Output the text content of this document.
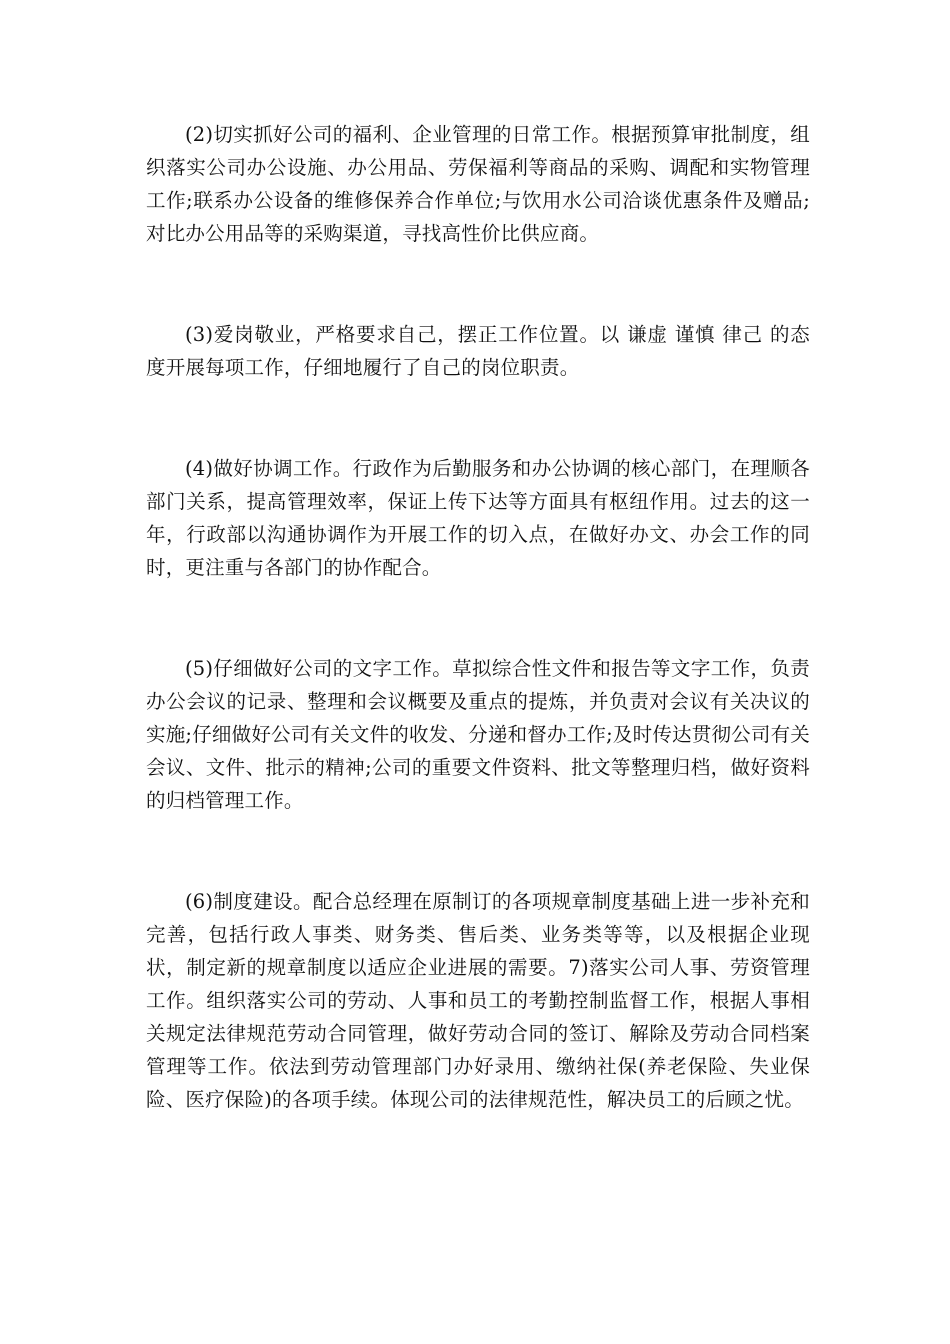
(2)切实抓好公司的福利、企业管理的日常工作。根据预算审批制度，组织落实公司办公设施、办公用品、劳保福利等商品的采购、调配和实物管理工作;联系办公设备的维修保养合作单位;与饮用水公司洽谈优惠条件及赠品;对比办公用品等的采购渠道，寻找高性价比供应商。

(3)爱岗敬业，严格要求自己，摆正工作位置。以 谦虚 谨慎 律己 的态度开展每项工作，仔细地履行了自己的岗位职责。

(4)做好协调工作。行政作为后勤服务和办公协调的核心部门，在理顺各部门关系，提高管理效率，保证上传下达等方面具有枢纽作用。过去的这一年，行政部以沟通协调作为开展工作的切入点，在做好办文、办会工作的同时，更注重与各部门的协作配合。

(5)仔细做好公司的文字工作。草拟综合性文件和报告等文字工作，负责办公会议的记录、整理和会议概要及重点的提炼，并负责对会议有关决议的实施;仔细做好公司有关文件的收发、分递和督办工作;及时传达贯彻公司有关会议、文件、批示的精神;公司的重要文件资料、批文等整理归档，做好资料的归档管理工作。

(6)制度建设。配合总经理在原制订的各项规章制度基础上进一步补充和完善，包括行政人事类、财务类、售后类、业务类等等，以及根据企业现状，制定新的规章制度以适应企业进展的需要。7)落实公司人事、劳资管理工作。组织落实公司的劳动、人事和员工的考勤控制监督工作，根据人事相关规定法律规范劳动合同管理，做好劳动合同的签订、解除及劳动合同档案管理等工作。依法到劳动管理部门办好录用、缴纳社保(养老保险、失业保险、医疗保险)的各项手续。体现公司的法律规范性，解决员工的后顾之忧。
